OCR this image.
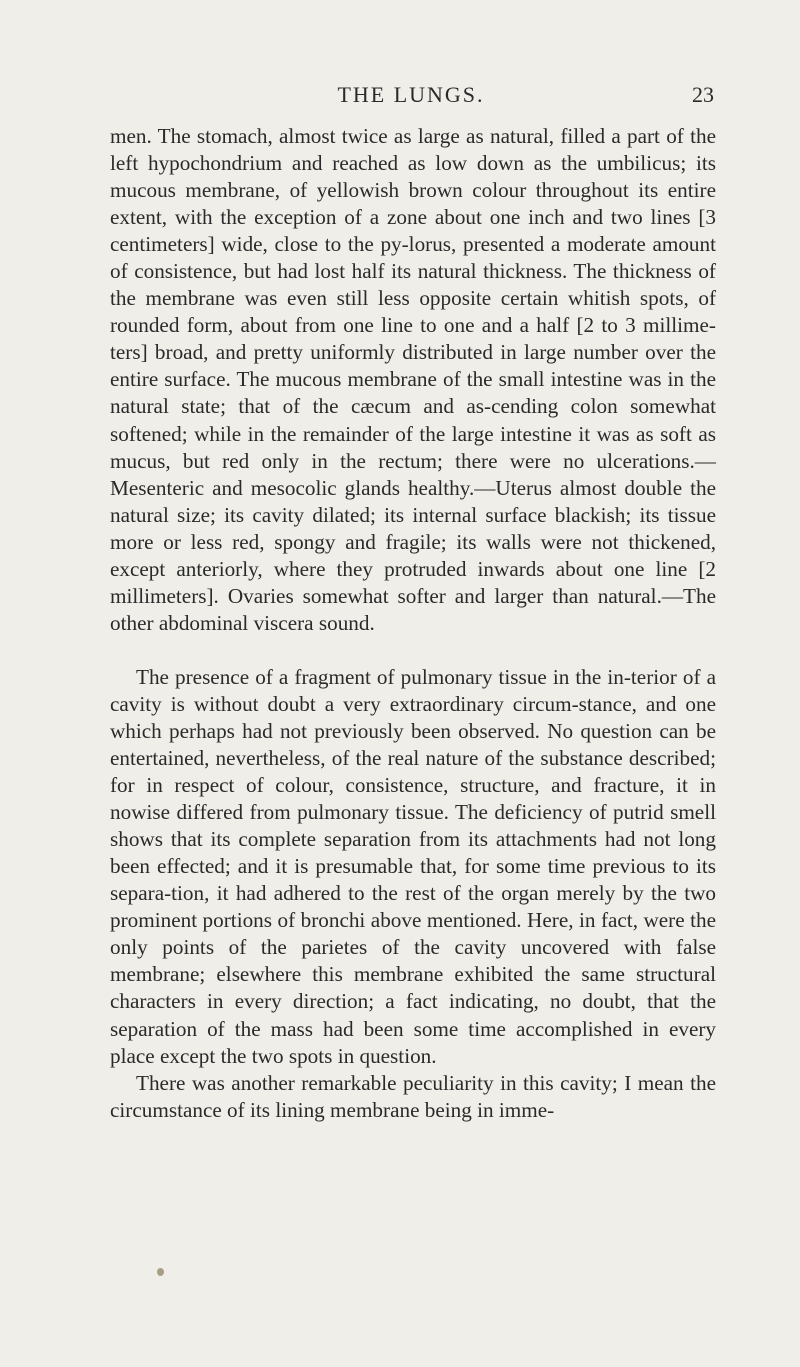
THE LUNGS.	23

men. The stomach, almost twice as large as natural, filled a part of the left hypochondrium and reached as low down as the umbilicus; its mucous membrane, of yellowish brown colour throughout its entire extent, with the exception of a zone about one inch and two lines [3 centimeters] wide, close to the py-lorus, presented a moderate amount of consistence, but had lost half its natural thickness. The thickness of the membrane was even still less opposite certain whitish spots, of rounded form, about from one line to one and a half [2 to 3 millime-ters] broad, and pretty uniformly distributed in large number over the entire surface. The mucous membrane of the small intestine was in the natural state; that of the cæcum and as-cending colon somewhat softened; while in the remainder of the large intestine it was as soft as mucus, but red only in the rectum; there were no ulcerations.—Mesenteric and mesocolic glands healthy.—Uterus almost double the natural size; its cavity dilated; its internal surface blackish; its tissue more or less red, spongy and fragile; its walls were not thickened, except anteriorly, where they protruded inwards about one line [2 millimeters]. Ovaries somewhat softer and larger than natural.—The other abdominal viscera sound.

The presence of a fragment of pulmonary tissue in the in-terior of a cavity is without doubt a very extraordinary circum-stance, and one which perhaps had not previously been observed. No question can be entertained, nevertheless, of the real nature of the substance described; for in respect of colour, consistence, structure, and fracture, it in nowise differed from pulmonary tissue. The deficiency of putrid smell shows that its complete separation from its attachments had not long been effected; and it is presumable that, for some time previous to its separa-tion, it had adhered to the rest of the organ merely by the two prominent portions of bronchi above mentioned. Here, in fact, were the only points of the parietes of the cavity uncovered with false membrane; elsewhere this membrane exhibited the same structural characters in every direction; a fact indicating, no doubt, that the separation of the mass had been some time accomplished in every place except the two spots in question.

There was another remarkable peculiarity in this cavity; I mean the circumstance of its lining membrane being in imme-
